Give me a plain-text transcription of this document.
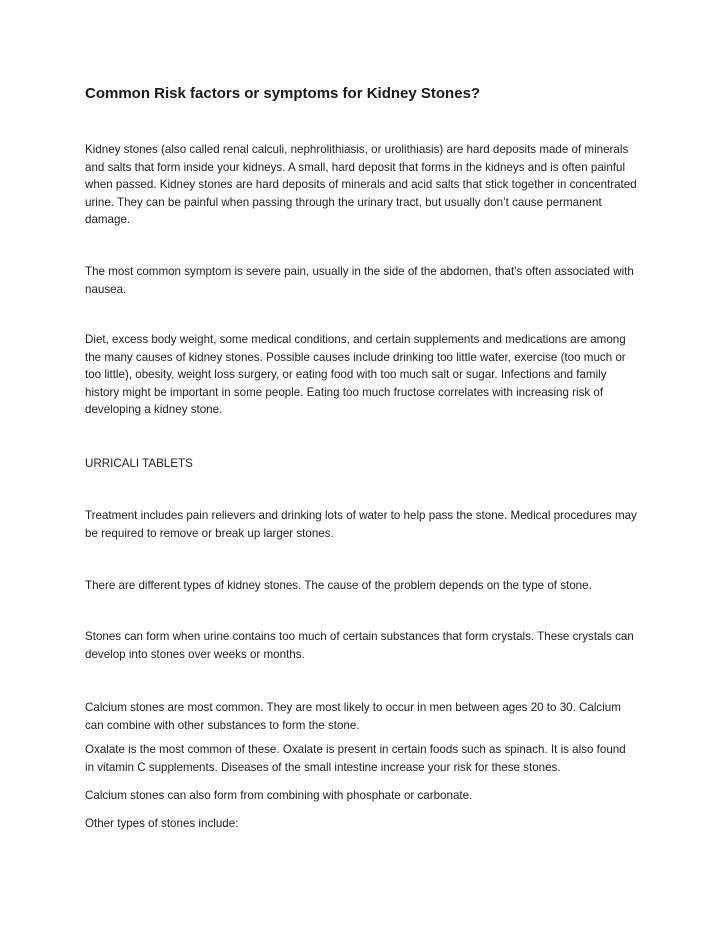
Common Risk factors or symptoms for Kidney Stones?

Kidney stones (also called renal calculi, nephrolithiasis, or urolithiasis) are hard deposits made of minerals and salts that form inside your kidneys. A small, hard deposit that forms in the kidneys and is often painful when passed. Kidney stones are hard deposits of minerals and acid salts that stick together in concentrated urine. They can be painful when passing through the urinary tract, but usually don’t cause permanent damage.

The most common symptom is severe pain, usually in the side of the abdomen, that’s often associated with nausea.

Diet, excess body weight, some medical conditions, and certain supplements and medications are among the many causes of kidney stones. Possible causes include drinking too little water, exercise (too much or too little), obesity, weight loss surgery, or eating food with too much salt or sugar. Infections and family history might be important in some people. Eating too much fructose correlates with increasing risk of developing a kidney stone.

URRICALI TABLETS

Treatment includes pain relievers and drinking lots of water to help pass the stone. Medical procedures may be required to remove or break up larger stones.

There are different types of kidney stones. The cause of the problem depends on the type of stone.

Stones can form when urine contains too much of certain substances that form crystals. These crystals can develop into stones over weeks or months.

Calcium stones are most common. They are most likely to occur in men between ages 20 to 30. Calcium can combine with other substances to form the stone.

Oxalate is the most common of these. Oxalate is present in certain foods such as spinach. It is also found in vitamin C supplements. Diseases of the small intestine increase your risk for these stones.

Calcium stones can also form from combining with phosphate or carbonate.

Other types of stones include:
